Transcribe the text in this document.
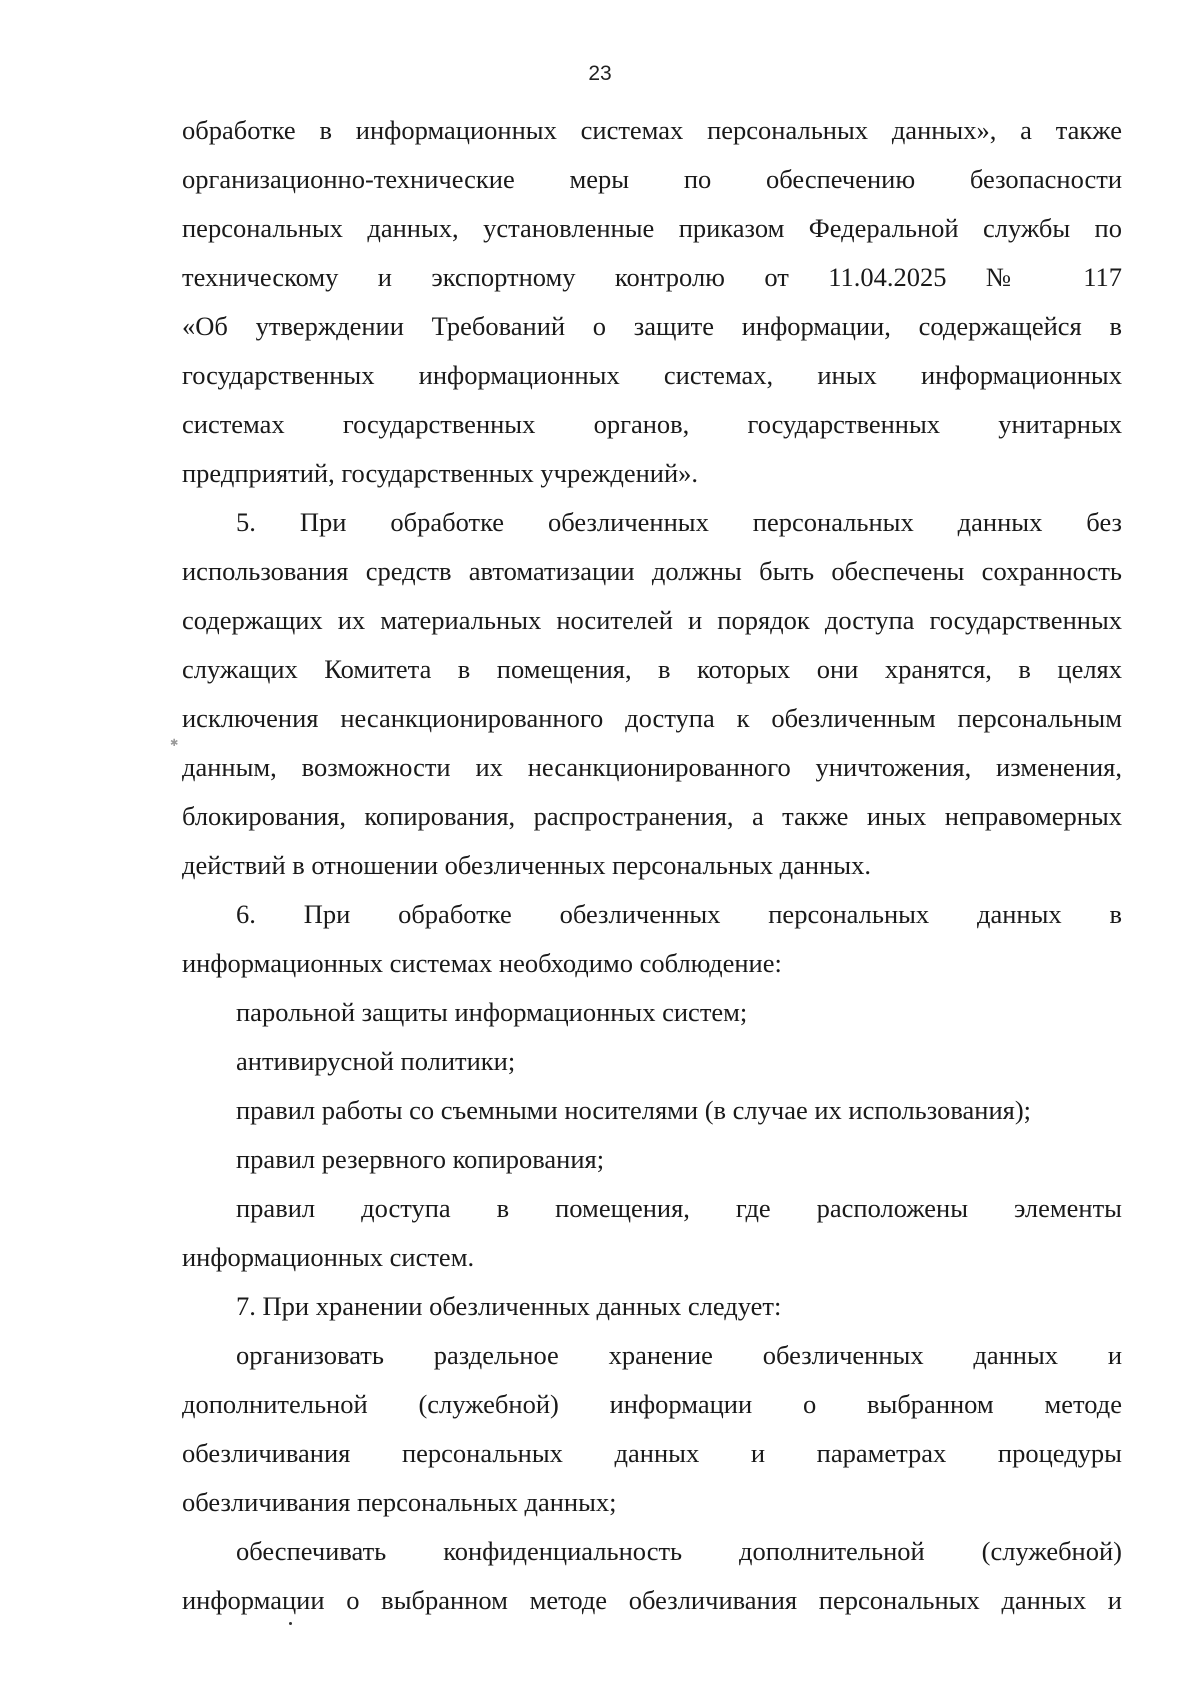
23
обработке в информационных системах персональных данных», а также
организационно-технические меры по обеспечению безопасности
персональных данных, установленные приказом Федеральной службы по
техническому и экспортному контролю от 11.04.2025 № 117
«Об утверждении Требований о защите информации, содержащейся в
государственных информационных системах, иных информационных
системах государственных органов, государственных унитарных
предприятий, государственных учреждений».
5. При обработке обезличенных персональных данных без
использования средств автоматизации должны быть обеспечены сохранность
содержащих их материальных носителей и порядок доступа государственных
служащих Комитета в помещения, в которых они хранятся, в целях
исключения несанкционированного доступа к обезличенным персональным
данным, возможности их несанкционированного уничтожения, изменения,
блокирования, копирования, распространения, а также иных неправомерных
действий в отношении обезличенных персональных данных.
6. При обработке обезличенных персональных данных в
информационных системах необходимо соблюдение:
парольной защиты информационных систем;
антивирусной политики;
правил работы со съемными носителями (в случае их использования);
правил резервного копирования;
правил доступа в помещения, где расположены элементы
информационных систем.
7. При хранении обезличенных данных следует:
организовать раздельное хранение обезличенных данных и
дополнительной (служебной) информации о выбранном методе
обезличивания персональных данных и параметрах процедуры
обезличивания персональных данных;
обеспечивать конфиденциальность дополнительной (служебной)
информации о выбранном методе обезличивания персональных данных и
✱
